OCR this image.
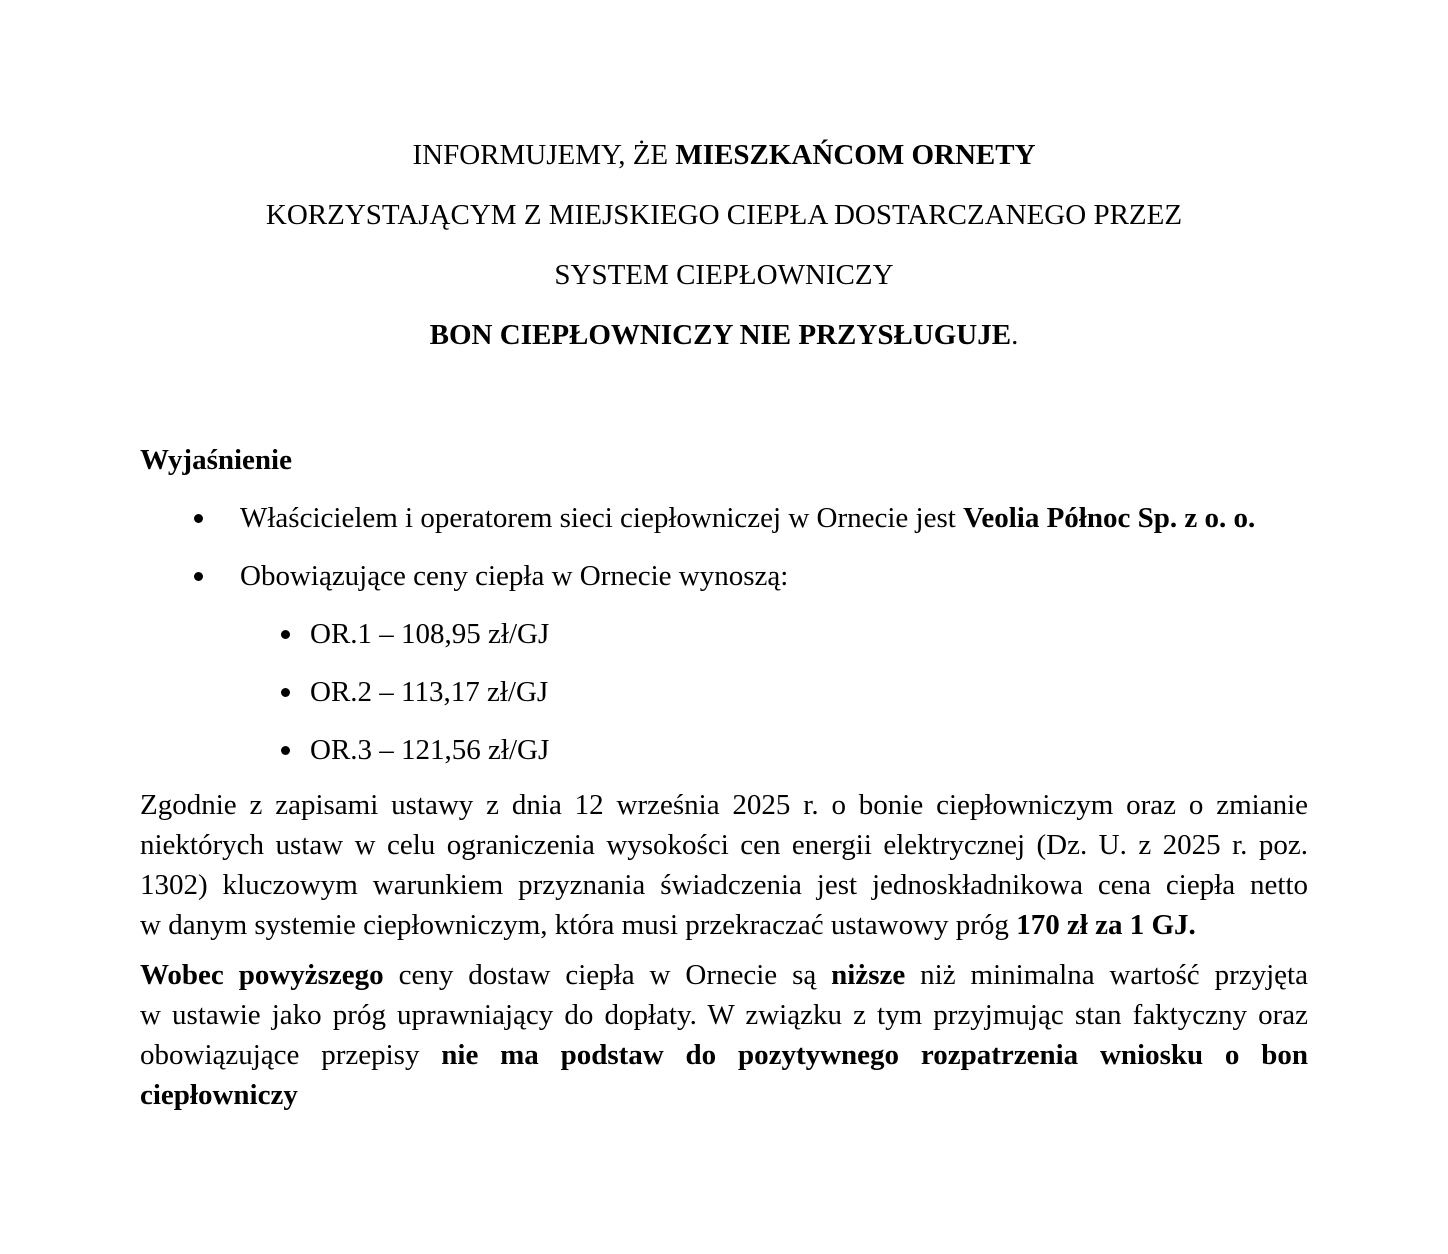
INFORMUJEMY, ŻE MIESZKAŃCOM ORNETY
KORZYSTAJĄCYM Z MIEJSKIEGO CIEPŁA DOSTARCZANEGO PRZEZ
SYSTEM CIEPŁOWNICZY
BON CIEPŁOWNICZY NIE PRZYSŁUGUJE.
Wyjaśnienie
Właścicielem i operatorem sieci ciepłowniczej w Ornecie jest Veolia Północ Sp. z o. o.
Obowiązujące ceny ciepła w Ornecie wynoszą:
OR.1 – 108,95 zł/GJ
OR.2 – 113,17 zł/GJ
OR.3 – 121,56 zł/GJ
Zgodnie z zapisami ustawy z dnia 12 września 2025 r. o bonie ciepłowniczym oraz o zmianie
niektórych ustaw w celu ograniczenia wysokości cen energii elektrycznej (Dz. U. z 2025 r. poz.
1302) kluczowym warunkiem przyznania świadczenia jest jednoskładnikowa cena ciepła netto
w danym systemie ciepłowniczym, która musi przekraczać ustawowy próg 170 zł za 1 GJ.
Wobec powyższego ceny dostaw ciepła w Ornecie są niższe niż minimalna wartość przyjęta
w ustawie jako próg uprawniający do dopłaty. W związku z tym przyjmując stan faktyczny oraz
obowiązujące przepisy nie ma podstaw do pozytywnego rozpatrzenia wniosku o bon
ciepłowniczy
